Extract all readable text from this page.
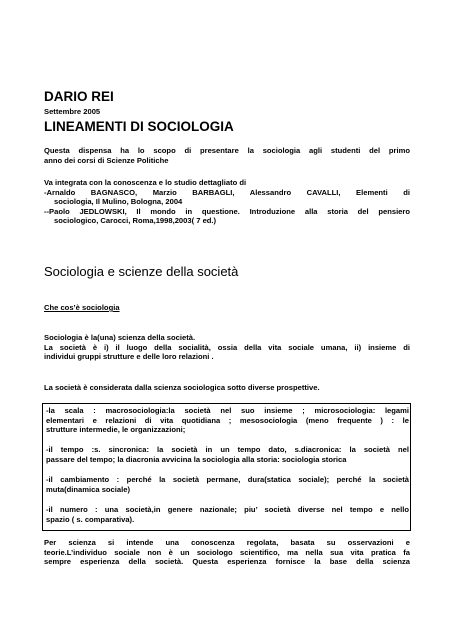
DARIO REI
Settembre 2005
LINEAMENTI DI SOCIOLOGIA
Questa dispensa ha lo scopo di presentare la sociologia agli studenti del primo
anno dei corsi di Scienze Politiche
Va integrata con la conoscenza e lo studio dettagliato di
-Arnaldo BAGNASCO, Marzio BARBAGLI, Alessandro CAVALLI, Elementi di
sociologia, Il Mulino, Bologna, 2004
--Paolo JEDLOWSKI, Il mondo in questione. Introduzione alla storia del pensiero
sociologico, Carocci, Roma,1998,2003( 7 ed.)
Sociologia e scienze della società
Che cos’è sociologia
Sociologia è la(una) scienza della società.
La società è i) il luogo della socialità, ossia della vita sociale umana, ii) insieme di
individui gruppi strutture e delle loro relazioni .
La società è considerata dalla scienza sociologica sotto diverse prospettive.
-la scala : macrosociologia:la società nel suo insieme ; microsociologia: legami
elementari e relazioni di vita quotidiana ; mesosociologia (meno frequente ) : le
strutture intermedie, le organizzazioni;
-il tempo :s. sincronica: la società in un tempo dato, s.diacronica: la società nel
passare del tempo; la diacronia avvicina la sociologia alla storia: sociologia storica
-il cambiamento : perché la società permane, dura(statica sociale); perché la società
muta(dinamica sociale)
-il numero : una società,in genere nazionale; piu’ società diverse nel tempo e nello
spazio ( s. comparativa).
Per scienza si intende una conoscenza regolata, basata su osservazioni e
teorie.L’individuo sociale non è un sociologo scientifico, ma nella sua vita pratica fa
sempre esperienza della società. Questa esperienza fornisce la base della scienza
